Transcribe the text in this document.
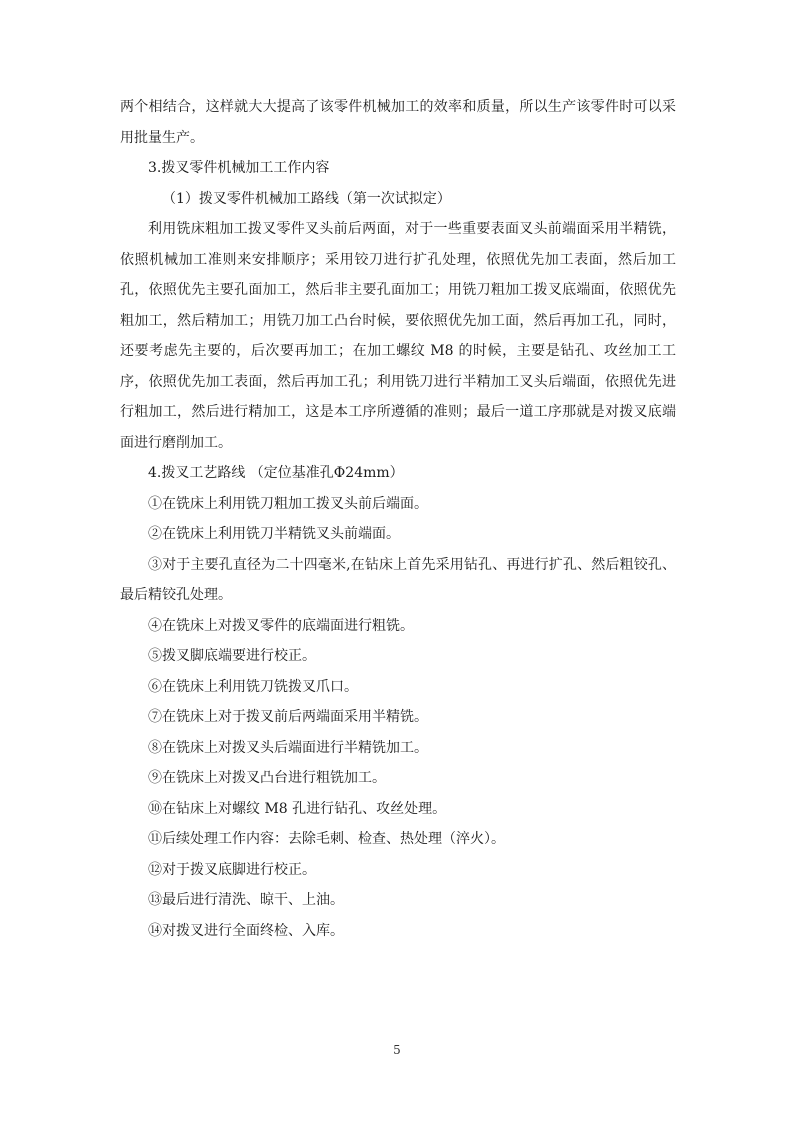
两个相结合，这样就大大提高了该零件机械加工的效率和质量，所以生产该零件时可以采用批量生产。

3.拨叉零件机械加工工作内容

（1）拨叉零件机械加工路线（第一次试拟定）

利用铣床粗加工拨叉零件叉头前后两面，对于一些重要表面叉头前端面采用半精铣，依照机械加工准则来安排顺序；采用铰刀进行扩孔处理，依照优先加工表面，然后加工孔，依照优先主要孔面加工，然后非主要孔面加工；用铣刀粗加工拨叉底端面，依照优先粗加工，然后精加工；用铣刀加工凸台时候，要依照优先加工面，然后再加工孔，同时，还要考虑先主要的，后次要再加工；在加工螺纹 M8 的时候，主要是钻孔、攻丝加工工序，依照优先加工表面，然后再加工孔；利用铣刀进行半精加工叉头后端面，依照优先进行粗加工，然后进行精加工，这是本工序所遵循的准则；最后一道工序那就是对拨叉底端面进行磨削加工。

4.拨叉工艺路线 （定位基准孔Φ24mm）

①在铣床上利用铣刀粗加工拨叉头前后端面。

②在铣床上利用铣刀半精铣叉头前端面。

③对于主要孔直径为二十四毫米,在钻床上首先采用钻孔、再进行扩孔、然后粗铰孔、最后精铰孔处理。

④在铣床上对拨叉零件的底端面进行粗铣。

⑤拨叉脚底端要进行校正。

⑥在铣床上利用铣刀铣拨叉爪口。

⑦在铣床上对于拨叉前后两端面采用半精铣。

⑧在铣床上对拨叉头后端面进行半精铣加工。

⑨在铣床上对拨叉凸台进行粗铣加工。

⑩在钻床上对螺纹 M8 孔进行钻孔、攻丝处理。

⑪后续处理工作内容：去除毛刺、检查、热处理（淬火）。

⑫对于拨叉底脚进行校正。

⑬最后进行清洗、晾干、上油。

⑭对拨叉进行全面终检、入库。

5
